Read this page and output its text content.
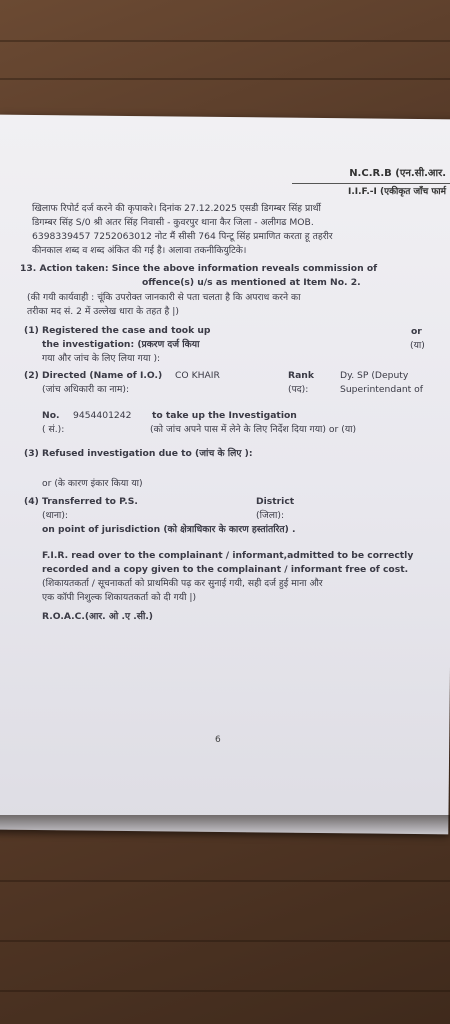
N.C.R.B (एन.सी.आर.
I.I.F.-I (एकीकृत जाँच फार्म
खिलाफ रिपोर्ट दर्ज करने की कृपाकरे। दिनांक 27.12.2025 एसडी डिगम्बर सिंह प्रार्थी
डिगम्बर सिंह S/0 श्री अतर सिंह निवासी - कुवरपुर थाना कैर जिला - अलीगढ MOB.
6398339457 7252063012 नोट मैं सीसी 764 पिन्टू सिंह प्रमाणित करता हू तहरीर
कीनकाल शब्द व शब्द अंकित की गई है। अलावा तकनीकियुटिके।
13. Action taken: Since the above information reveals commission of
offence(s) u/s as mentioned at Item No. 2.
(की गयी कार्यवाही : चूंकि उपरोक्त जानकारी से पता चलता है कि अपराध करने का
तरीका मद सं. 2 में उल्लेख धारा के तहत है |)
(1) Registered the case and took up
the investigation: (प्रकरण दर्ज किया
गया और जांच के लिए लिया गया ):
or
(या)
(2) Directed (Name of I.O.) CO KHAIR
(जांच अधिकारी का नाम):
Rank
(पद):
Dy. SP (Deputy
Superintendant of
No. 9454401242 to take up the Investigation
( सं.):	(को जांच अपने पास में लेने के लिए निर्देश दिया गया) or (या)
(3) Refused investigation due to (जांच के लिए ):
or (के कारण इंकार किया या)
(4) Transferred to P.S.
(थाना):
District
(जिला):
on point of jurisdiction (को क्षेत्राधिकार के कारण हस्तांतरित) .
F.I.R. read over to the complainant / informant,admitted to be correctly
recorded and a copy given to the complainant / informant free of cost.
(शिकायतकर्ता / सूचनाकर्ता को प्राथमिकी पढ़ कर सुनाई गयी, सही दर्ज हुई माना और
एक कॉपी निशुल्क शिकायतकर्ता को दी गयी |)
R.O.A.C.(आर. ओ .ए .सी.)
6
